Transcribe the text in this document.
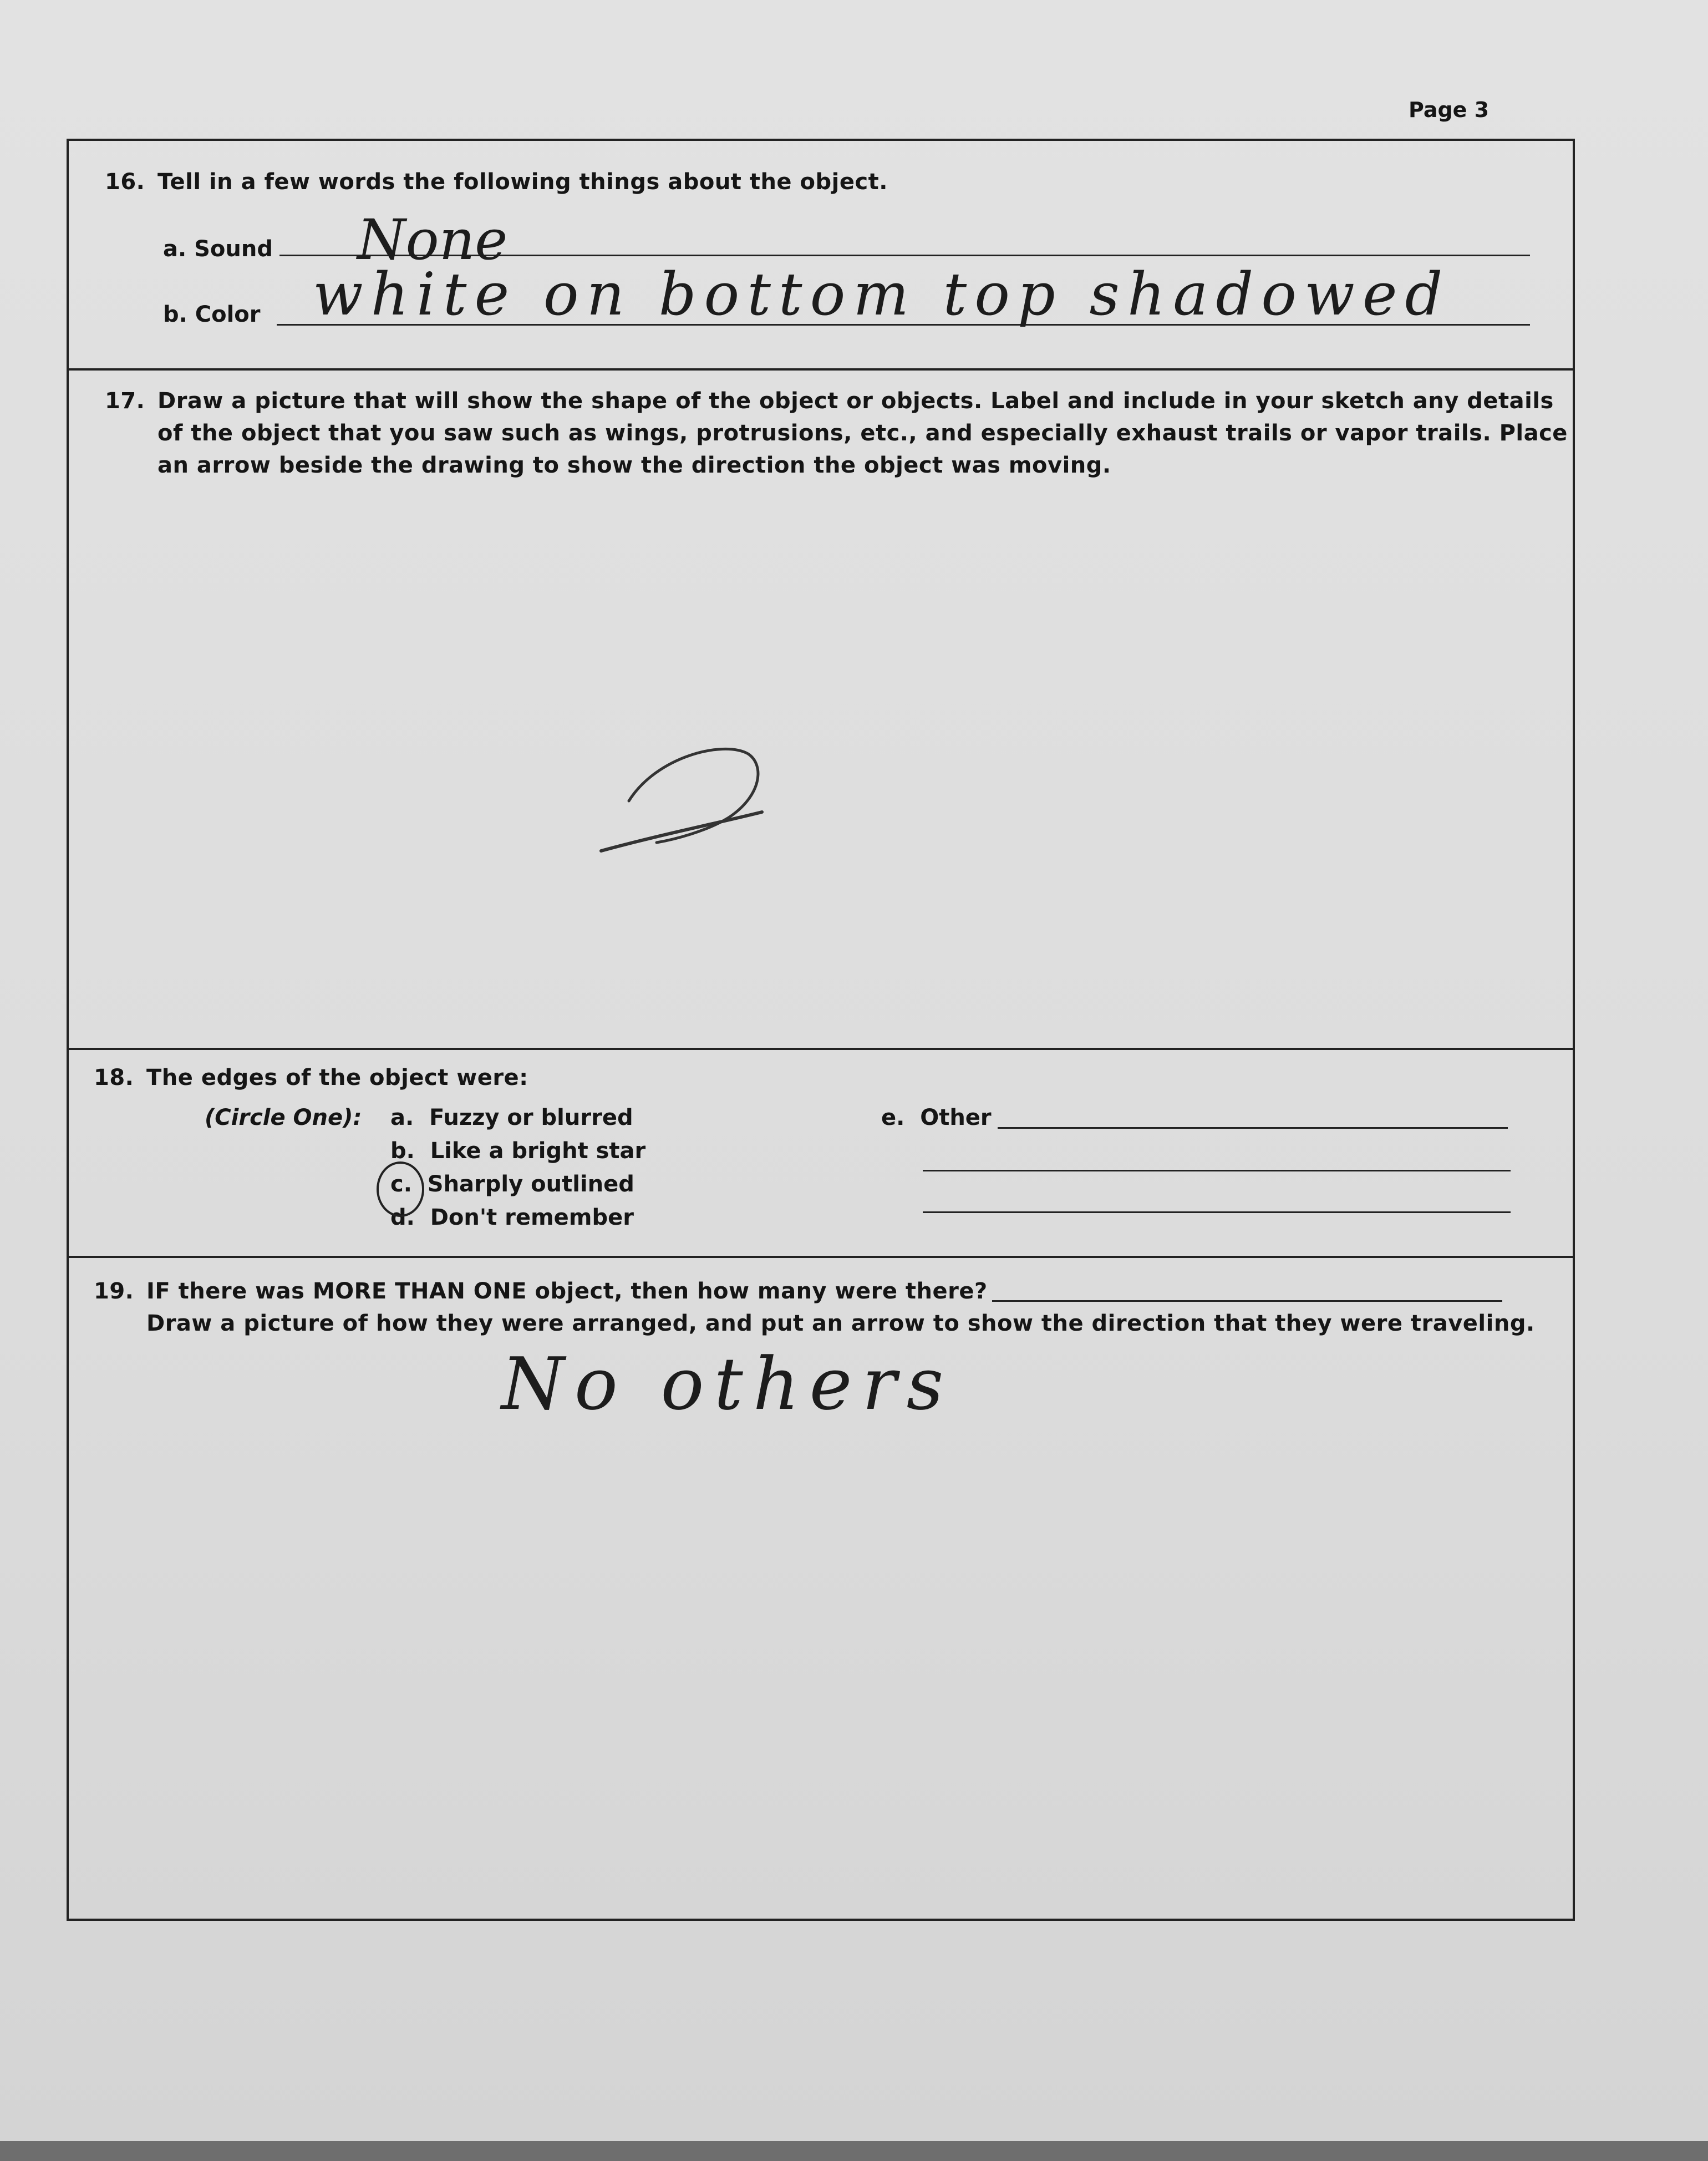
Page 3
16. Tell in a few words the following things about the object.
a. Sound None
b. Color white on bottom top shadowed
17. Draw a picture that will show the shape of the object or objects. Label and include in your sketch any details
of the object that you saw such as wings, protrusions, etc., and especially exhaust trails or vapor trails. Place
an arrow beside the drawing to show the direction the object was moving.
18. The edges of the object were:
(Circle One): a. Fuzzy or blurred
b. Like a bright star
c. Sharply outlined
d. Don't remember
e. Other
19. IF there was MORE THAN ONE object, then how many were there?
Draw a picture of how they were arranged, and put an arrow to show the direction that they were traveling.
No others
